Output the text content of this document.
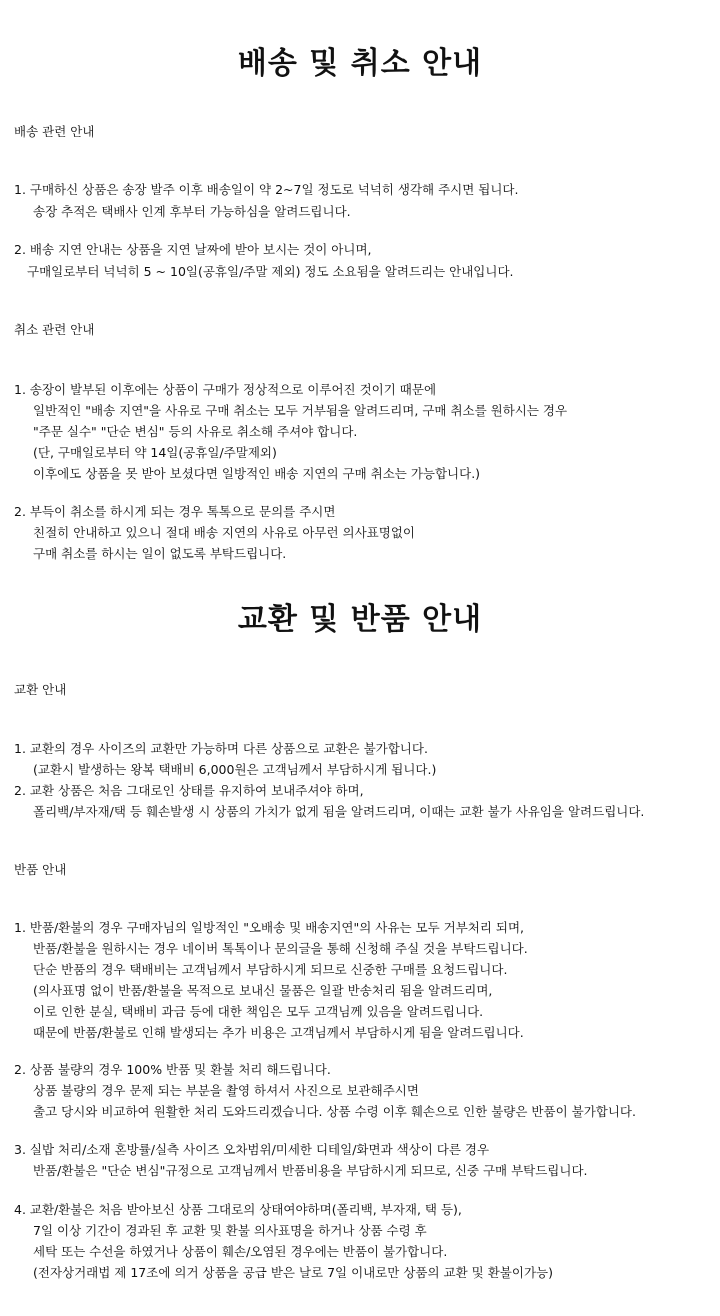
배송 및 취소 안내
배송 관련 안내

1. 구매하신 상품은 송장 발주 이후 배송일이 약 2~7일 정도로 넉넉히 생각해 주시면 됩니다.

송장 추적은 택배사 인계 후부터 가능하심을 알려드립니다.

2. 배송 지연 안내는 상품을 지연 날짜에 받아 보시는 것이 아니며,

구매일로부터 넉넉히 5 ~ 10일(공휴일/주말 제외) 정도 소요됨을 알려드리는 안내입니다.

취소 관련 안내

1. 송장이 발부된 이후에는 상품이 구매가 정상적으로 이루어진 것이기 때문에

일반적인 "배송 지연"을 사유로 구매 취소는 모두 거부됨을 알려드리며, 구매 취소를 원하시는 경우

"주문 실수" "단순 변심" 등의 사유로 취소해 주셔야 합니다.

(단, 구매일로부터 약 14일(공휴일/주말제외)

이후에도 상품을 못 받아 보셨다면 일방적인 배송 지연의 구매 취소는 가능합니다.)

2. 부득이 취소를 하시게 되는 경우 톡톡으로 문의를 주시면

친절히 안내하고 있으니 절대 배송 지연의 사유로 아무런 의사표명없이

구매 취소를 하시는 일이 없도록 부탁드립니다.

교환 및 반품 안내
교환 안내

1. 교환의 경우 사이즈의 교환만 가능하며 다른 상품으로 교환은 불가합니다.

(교환시 발생하는 왕복 택배비 6,000원은 고객님께서 부담하시게 됩니다.)

2. 교환 상품은 처음 그대로인 상태를 유지하여 보내주셔야 하며,

폴리백/부자재/택 등 훼손발생 시 상품의 가치가 없게 됨을 알려드리며, 이때는 교환 불가 사유임을 알려드립니다.

반품 안내

1. 반품/환불의 경우 구매자님의 일방적인 "오배송 및 배송지연"의 사유는 모두 거부처리 되며,

반품/환불을 원하시는 경우 네이버 톡톡이나 문의글을 통해 신청해 주실 것을 부탁드립니다.

단순 반품의 경우 택배비는 고객님께서 부담하시게 되므로 신중한 구매를 요청드립니다.

(의사표명 없이 반품/환불을 목적으로 보내신 물품은 일괄 반송처리 됨을 알려드리며,

이로 인한 분실, 택배비 과금 등에 대한 책임은 모두 고객님께 있음을 알려드립니다.

때문에 반품/환불로 인해 발생되는 추가 비용은 고객님께서 부담하시게 됨을 알려드립니다.

2. 상품 불량의 경우 100% 반품 및 환불 처리 해드립니다.

상품 불량의 경우 문제 되는 부분을 촬영 하셔서 사진으로 보관해주시면

출고 당시와 비교하여 원활한 처리 도와드리겠습니다. 상품 수령 이후 훼손으로 인한 불량은 반품이 불가합니다.

3. 실밥 처리/소재 혼방률/실측 사이즈 오차범위/미세한 디테일/화면과 색상이 다른 경우

반품/환불은 "단순 변심"규정으로 고객님께서 반품비용을 부담하시게 되므로, 신중 구매 부탁드립니다.

4. 교환/환불은 처음 받아보신 상품 그대로의 상태여야하며(폴리백, 부자재, 택 등),

7일 이상 기간이 경과된 후 교환 및 환불 의사표명을 하거나 상품 수령 후

세탁 또는 수선을 하였거나 상품이 훼손/오염된 경우에는 반품이 불가합니다.

(전자상거래법 제 17조에 의거 상품을 공급 받은 날로 7일 이내로만 상품의 교환 및 환불이가능)
